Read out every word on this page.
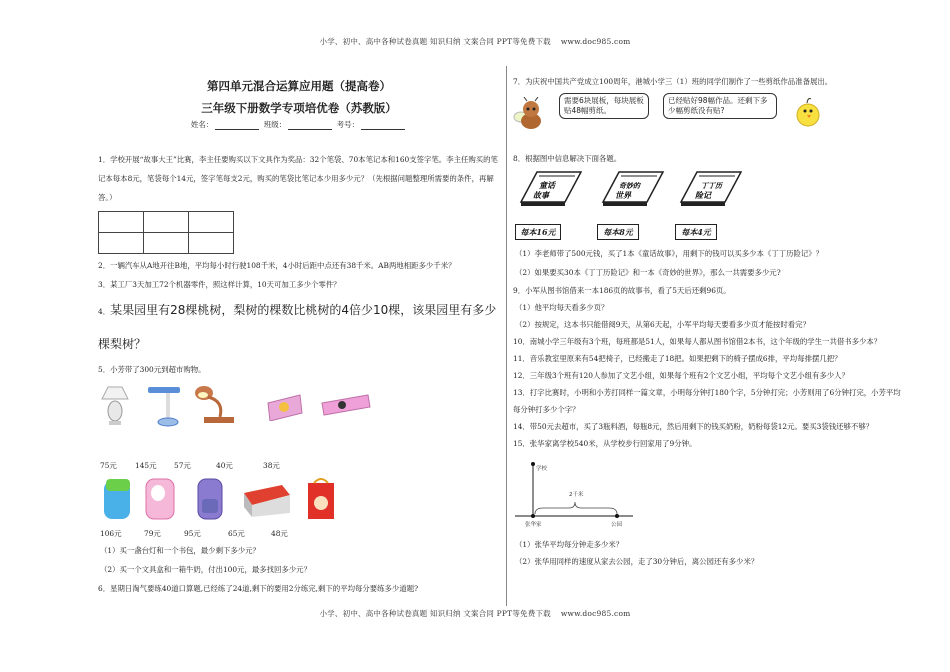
小学、初中、高中各种试卷真题 知识归纳 文案合同 PPT等免费下载 www.doc985.com
第四单元混合运算应用题（提高卷）
三年级下册数学专项培优卷（苏教版）
姓名：	班级：	考号：

1．学校开展“故事大王”比赛，李主任要购买以下文具作为奖品：32个笔袋、70本笔记本和160支签字笔。李主任购买的笔记本每本8元，笔袋每个14元，签字笔每支2元，购买的笔袋比笔记本少用多少元？（先根据问题整理所需要的条件，再解答。）

2．一辆汽车从A地开往B地，平均每小时行驶108千米，4小时后距中点还有38千米。AB两地相距多少千米？

3．某工厂3天加工72个机器零件，照这样计算，10天可加工多少个零件？

4．某果园里有28棵桃树，梨树的棵数比桃树的4倍少10棵，该果园里有多少棵梨树？

5．小芳带了300元到超市购物。

75元 145元 57元	40元	38元
106元	79元	95元	65元	48元

（1）买一盏台灯和一个书包，最少剩下多少元？

（2）买一个文具盒和一箱牛奶，付出100元，最多找回多少元？

6．星期日淘气要练40道口算题,已经练了24道,剩下的要用2分练完,剩下的平均每分要练多少道题?

7．为庆祝中国共产党成立100周年，港城小学三（1）班的同学们制作了一些剪纸作品准备展出。

需要6块展板，每块展板贴48幅剪纸。
已经贴好98幅作品。还剩下多少幅剪纸没有贴?

8．根据图中信息解决下面各题。

童话
故事
奇妙的
世界
丁丁历
险记
每本16元	每本8元	每本4元

（1）李老师带了500元钱，买了1本《童话故事》，用剩下的钱可以买多少本《丁丁历险记》？

（2）如果要买30本《丁丁历险记》和一本《奇妙的世界》，那么一共需要多少元?

9．小军从图书馆借来一本186页的故事书，看了5天后还剩96页。

（1）他平均每天看多少页？

（2）按规定，这本书只能借阅9天，从第6天起，小军平均每天要看多少页才能按时看完？

10．南城小学三年级有3个班，每班都是51人，如果每人都从图书馆借2本书，这个年级的学生一共借书多少本？

11．音乐教室里原来有54把椅子，已经搬走了18把。如果把剩下的椅子摆成6排，平均每排摆几把？

12．三年级3个班有120人参加了文艺小组，如果每个班有2个文艺小组，平均每个文艺小组有多少人？

13．打字比赛时，小明和小芳打同样一篇文章，小明每分钟打180个字，5分钟打完；小芳则用了6分钟打完，小芳平均每分钟打多少个字？

14．带50元去超市，买了3瓶料酒，每瓶8元，然后用剩下的钱买奶粉，奶粉每袋12元。要买3袋钱还够不够？

15．张华家离学校540米，从学校步行回家用了9分钟。

学校
2千米
张华家	公园

（1）张华平均每分钟走多少米？

（2）张华用同样的速度从家去公园，走了30分钟后，离公园还有多少米？

小学、初中、高中各种试卷真题 知识归纳 文案合同 PPT等免费下载 www.doc985.com
